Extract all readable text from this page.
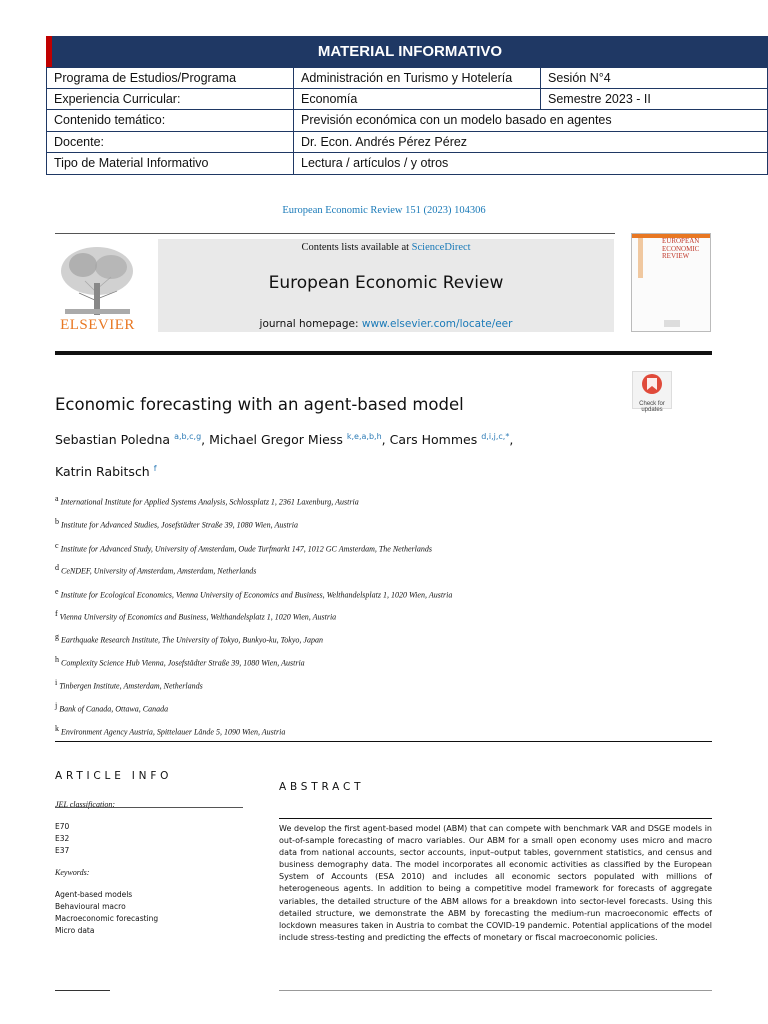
MATERIAL INFORMATIVO
Programa de Estudios/Programa	Administración en Turismo y Hotelería	Sesión N°4
Experiencia Curricular:	Economía	Semestre 2023 - II
Contenido temático:	Previsión económica con un modelo basado en agentes
Docente:	Dr. Econ. Andrés Pérez Pérez
Tipo de Material Informativo	Lectura / artículos / y otros
European Economic Review 151 (2023) 104306
Contents lists available at ScienceDirect
European Economic Review
journal homepage: www.elsevier.com/locate/eer
ELSEVIER
EUROPEAN ECONOMIC REVIEW
Check for updates
Economic forecasting with an agent-based model
Sebastian Poledna $^{a,b,c,g}$, Michael Gregor Miess $^{k,e,a,b,h}$, Cars Hommes $^{d,i,j,c,*}$,
Katrin Rabitsch $^f$
$^a$ International Institute for Applied Systems Analysis, Schlossplatz 1, 2361 Laxenburg, Austria
$^b$ Institute for Advanced Studies, Josefstädter Straße 39, 1080 Wien, Austria
$^c$ Institute for Advanced Study, University of Amsterdam, Oude Turfmarkt 147, 1012 GC Amsterdam, The Netherlands
$^d$ CeNDEF, University of Amsterdam, Amsterdam, Netherlands
$^e$ Institute for Ecological Economics, Vienna University of Economics and Business, Welthandelsplatz 1, 1020 Wien, Austria
$^f$ Vienna University of Economics and Business, Welthandelsplatz 1, 1020 Wien, Austria
$^g$ Earthquake Research Institute, The University of Tokyo, Bunkyo-ku, Tokyo, Japan
$^h$ Complexity Science Hub Vienna, Josefstädter Straße 39, 1080 Wien, Austria
$^i$ Tinbergen Institute, Amsterdam, Netherlands
$^j$ Bank of Canada, Ottawa, Canada
$^k$ Environment Agency Austria, Spittelauer Lände 5, 1090 Wien, Austria
ARTICLE INFO
JEL classification:
E70
E32
E37
Keywords:
Agent-based models
Behavioural macro
Macroeconomic forecasting
Micro data
ABSTRACT
We develop the first agent-based model (ABM) that can compete with benchmark VAR and DSGE models in out-of-sample forecasting of macro variables. Our ABM for a small open economy uses micro and macro data from national accounts, sector accounts, input–output tables, government statistics, and census and business demography data. The model incorporates all economic activities as classified by the European System of Accounts (ESA 2010) and includes all economic sectors populated with millions of heterogeneous agents. In addition to being a competitive model framework for forecasts of aggregate variables, the detailed structure of the ABM allows for a breakdown into sector-level forecasts. Using this detailed structure, we demonstrate the ABM by forecasting the medium-run macroeconomic effects of lockdown measures taken in Austria to combat the COVID-19 pandemic. Potential applications of the model include stress-testing and predicting the effects of monetary or fiscal macroeconomic policies.
